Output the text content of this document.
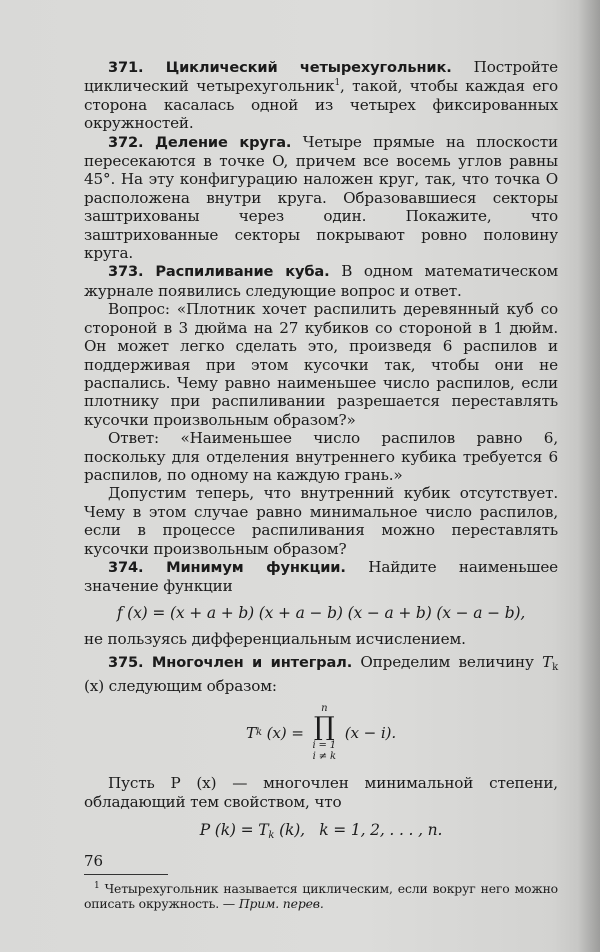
371. Циклический четырехугольник. Постройте циклический четырехугольник$^1$, такой, чтобы каждая его сторона касалась одной из четырех фиксированных окружностей.

372. Деление круга. Четыре прямые на плоскости пересекаются в точке O, причем все восемь углов равны 45°. На эту конфигурацию наложен круг, так, что точка O расположена внутри круга. Образовавшиеся секторы заштрихованы через один. Покажите, что заштрихованные секторы покрывают ровно половину круга.

373. Распиливание куба. В одном математическом журнале появились следующие вопрос и ответ.

Вопрос: «Плотник хочет распилить деревянный куб со стороной в 3 дюйма на 27 кубиков со стороной в 1 дюйм. Он может легко сделать это, произведя 6 распилов и поддерживая при этом кусочки так, чтобы они не распались. Чему равно наименьшее число распилов, если плотнику при распиливании разрешается переставлять кусочки произвольным образом?»

Ответ: «Наименьшее число распилов равно 6, поскольку для отделения внутреннего кубика требуется 6 распилов, по одному на каждую грань.»

Допустим теперь, что внутренний кубик отсутствует. Чему в этом случае равно минимальное число распилов, если в процессе распиливания можно переставлять кусочки произвольным образом?

374. Минимум функции. Найдите наименьшее значение функции

f (x) = (x + a + b) (x + a − b) (x − a + b) (x − a − b),

не пользуясь дифференциальным исчислением.

375. Многочлен и интеграл. Определим величину $T_k$ (x) следующим образом:

T k (x) =
n
∏
i = 1
i ≠ k
(x − i).

Пусть P (x) — многочлен минимальной степени, обладающий тем свойством, что

P $(k) = T_k$ (k),   k = 1, 2, . . . , n.

$^1$ Четырехугольник называется циклическим, если вокруг него можно описать окружность. — Прим. перев.

76
